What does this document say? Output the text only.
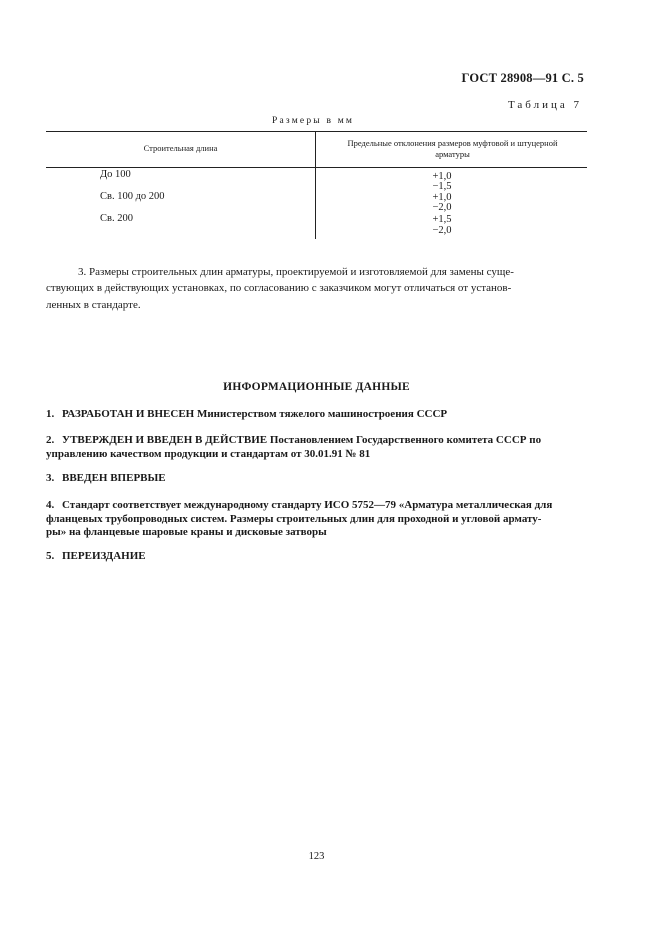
ГОСТ 28908—91 С. 5
Таблица 7
Размеры в мм
Строительная длина	Предельные отклонения размеров муфтовой и штуцерной
арматуры
До 100	+1,0
−1,5
Св. 100 до 200	+1,0
−2,0
Св. 200	+1,5
−2,0
3. Размеры строительных длин арматуры, проектируемой и изготовляемой для замены суще-
ствующих в действующих установках, по согласованию с заказчиком могут отличаться от установ-
ленных в стандарте.
ИНФОРМАЦИОННЫЕ ДАННЫЕ
1. РАЗРАБОТАН И ВНЕСЕН Министерством тяжелого машиностроения СССР
2. УТВЕРЖДЕН И ВВЕДЕН В ДЕЙСТВИЕ Постановлением Государственного комитета СССР по
управлению качеством продукции и стандартам от 30.01.91 № 81
3. ВВЕДЕН ВПЕРВЫЕ
4. Стандарт соответствует международному стандарту ИСО 5752—79 «Арматура металлическая для
фланцевых трубопроводных систем. Размеры строительных длин для проходной и угловой армату-
ры» на фланцевые шаровые краны и дисковые затворы
5. ПЕРЕИЗДАНИЕ
123
